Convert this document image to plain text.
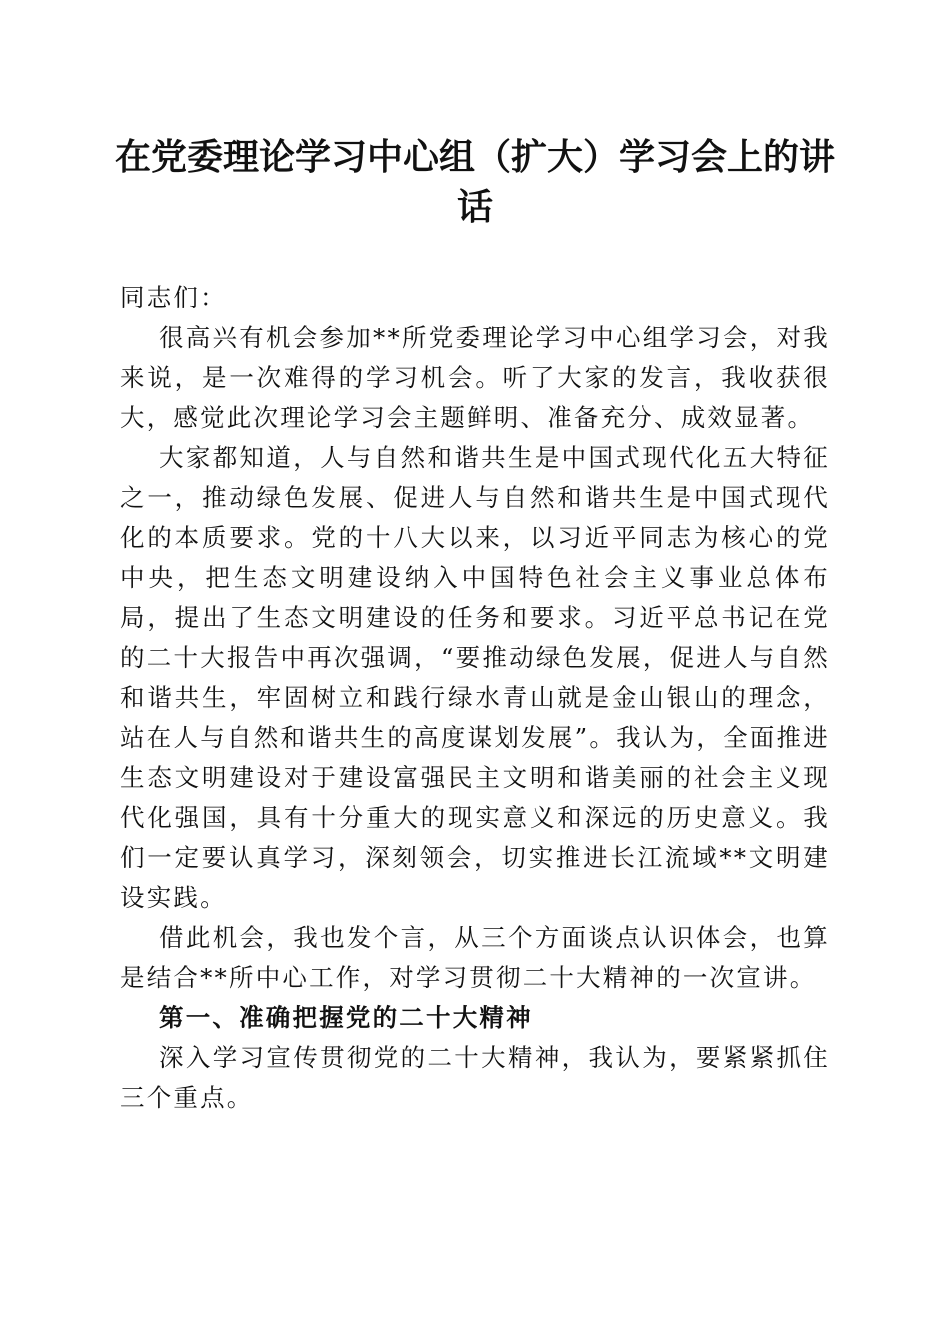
在党委理论学习中心组（扩大）学习会上的讲话

同志们：

很高兴有机会参加**所党委理论学习中心组学习会，对我来说，是一次难得的学习机会。听了大家的发言，我收获很大，感觉此次理论学习会主题鲜明、准备充分、成效显著。

大家都知道，人与自然和谐共生是中国式现代化五大特征之一，推动绿色发展、促进人与自然和谐共生是中国式现代化的本质要求。党的十八大以来，以习近平同志为核心的党中央，把生态文明建设纳入中国特色社会主义事业总体布局，提出了生态文明建设的任务和要求。习近平总书记在党的二十大报告中再次强调，“要推动绿色发展，促进人与自然和谐共生，牢固树立和践行绿水青山就是金山银山的理念，站在人与自然和谐共生的高度谋划发展”。我认为，全面推进生态文明建设对于建设富强民主文明和谐美丽的社会主义现代化强国，具有十分重大的现实意义和深远的历史意义。我们一定要认真学习，深刻领会，切实推进长江流域**文明建设实践。

借此机会，我也发个言，从三个方面谈点认识体会，也算是结合**所中心工作，对学习贯彻二十大精神的一次宣讲。

第一、准确把握党的二十大精神

深入学习宣传贯彻党的二十大精神，我认为，要紧紧抓住三个重点。
